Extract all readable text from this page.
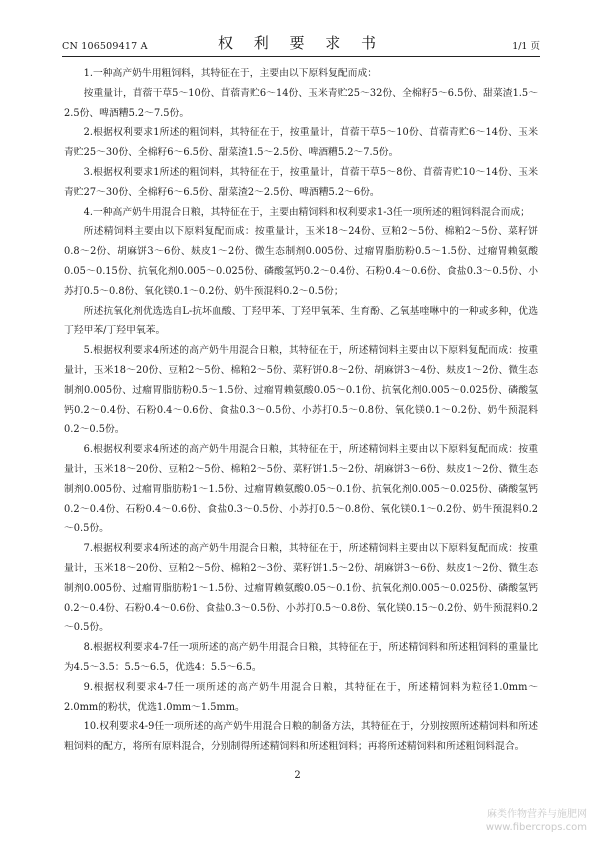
CN 106509417 A	权 利 要 求 书	1/1 页

1.一种高产奶牛用粗饲料，其特征在于，主要由以下原料复配而成：

按重量计，苜蓿干草5～10份、苜蓿青贮6～14份、玉米青贮25～32份、全棉籽5～6.5份、甜菜渣1.5～2.5份、啤酒糟5.2～7.5份。

2.根据权利要求1所述的粗饲料，其特征在于，按重量计，苜蓿干草5～10份、苜蓿青贮6～14份、玉米青贮25～30份、全棉籽6～6.5份、甜菜渣1.5～2.5份、啤酒糟5.2～7.5份。

3.根据权利要求1所述的粗饲料，其特征在于，按重量计，苜蓿干草5～8份、苜蓿青贮10～14份、玉米青贮27～30份、全棉籽6～6.5份、甜菜渣2～2.5份、啤酒糟5.2～6份。

4.一种高产奶牛用混合日粮，其特征在于，主要由精饲料和权利要求1-3任一项所述的粗饲料混合而成；

所述精饲料主要由以下原料复配而成：按重量计，玉米18～24份、豆粕2～5份、棉粕2～5份、菜籽饼0.8～2份、胡麻饼3～6份、麸皮1～2份、微生态制剂0.005份、过瘤胃脂肪粉0.5～1.5份、过瘤胃赖氨酸0.05～0.15份、抗氧化剂0.005～0.025份、磷酸氢钙0.2～0.4份、石粉0.4～0.6份、食盐0.3～0.5份、小苏打0.5～0.8份、氧化镁0.1～0.2份、奶牛预混料0.2～0.5份；

所述抗氧化剂优选选自L-抗坏血酸、丁羟甲苯、丁羟甲氧苯、生育酚、乙氧基喹啉中的一种或多种，优选丁羟甲苯/丁羟甲氧苯。

5.根据权利要求4所述的高产奶牛用混合日粮，其特征在于，所述精饲料主要由以下原料复配而成：按重量计，玉米18～20份、豆粕2～5份、棉粕2～5份、菜籽饼0.8～2份、胡麻饼3～4份、麸皮1～2份、微生态制剂0.005份、过瘤胃脂肪粉0.5～1.5份、过瘤胃赖氨酸0.05～0.1份、抗氧化剂0.005～0.025份、磷酸氢钙0.2～0.4份、石粉0.4～0.6份、食盐0.3～0.5份、小苏打0.5～0.8份、氧化镁0.1～0.2份、奶牛预混料0.2～0.5份。

6.根据权利要求4所述的高产奶牛用混合日粮，其特征在于，所述精饲料主要由以下原料复配而成：按重量计，玉米18～20份、豆粕2～5份、棉粕2～5份、菜籽饼1.5～2份、胡麻饼3～6份、麸皮1～2份、微生态制剂0.005份、过瘤胃脂肪粉1～1.5份、过瘤胃赖氨酸0.05～0.1份、抗氧化剂0.005～0.025份、磷酸氢钙0.2～0.4份、石粉0.4～0.6份、食盐0.3～0.5份、小苏打0.5～0.8份、氧化镁0.1～0.2份、奶牛预混料0.2～0.5份。

7.根据权利要求4所述的高产奶牛用混合日粮，其特征在于，所述精饲料主要由以下原料复配而成：按重量计，玉米18～20份、豆粕2～5份、棉粕2～3份、菜籽饼1.5～2份、胡麻饼3～6份、麸皮1～2份、微生态制剂0.005份、过瘤胃脂肪粉1～1.5份、过瘤胃赖氨酸0.05～0.1份、抗氧化剂0.005～0.025份、磷酸氢钙0.2～0.4份、石粉0.4～0.6份、食盐0.3～0.5份、小苏打0.5～0.8份、氧化镁0.15～0.2份、奶牛预混料0.2～0.5份。

8.根据权利要求4-7任一项所述的高产奶牛用混合日粮，其特征在于，所述精饲料和所述粗饲料的重量比为4.5～3.5：5.5～6.5，优选4：5.5～6.5。

9.根据权利要求4-7任一项所述的高产奶牛用混合日粮，其特征在于，所述精饲料为粒径1.0mm～2.0mm的粉状，优选1.0mm～1.5mm。

10.权利要求4-9任一项所述的高产奶牛用混合日粮的制备方法，其特征在于，分别按照所述精饲料和所述粗饲料的配方，将所有原料混合，分别制得所述精饲料和所述粗饲料；再将所述精饲料和所述粗饲料混合。

2
麻类作物营养与施肥网
www.fibercrops.com
